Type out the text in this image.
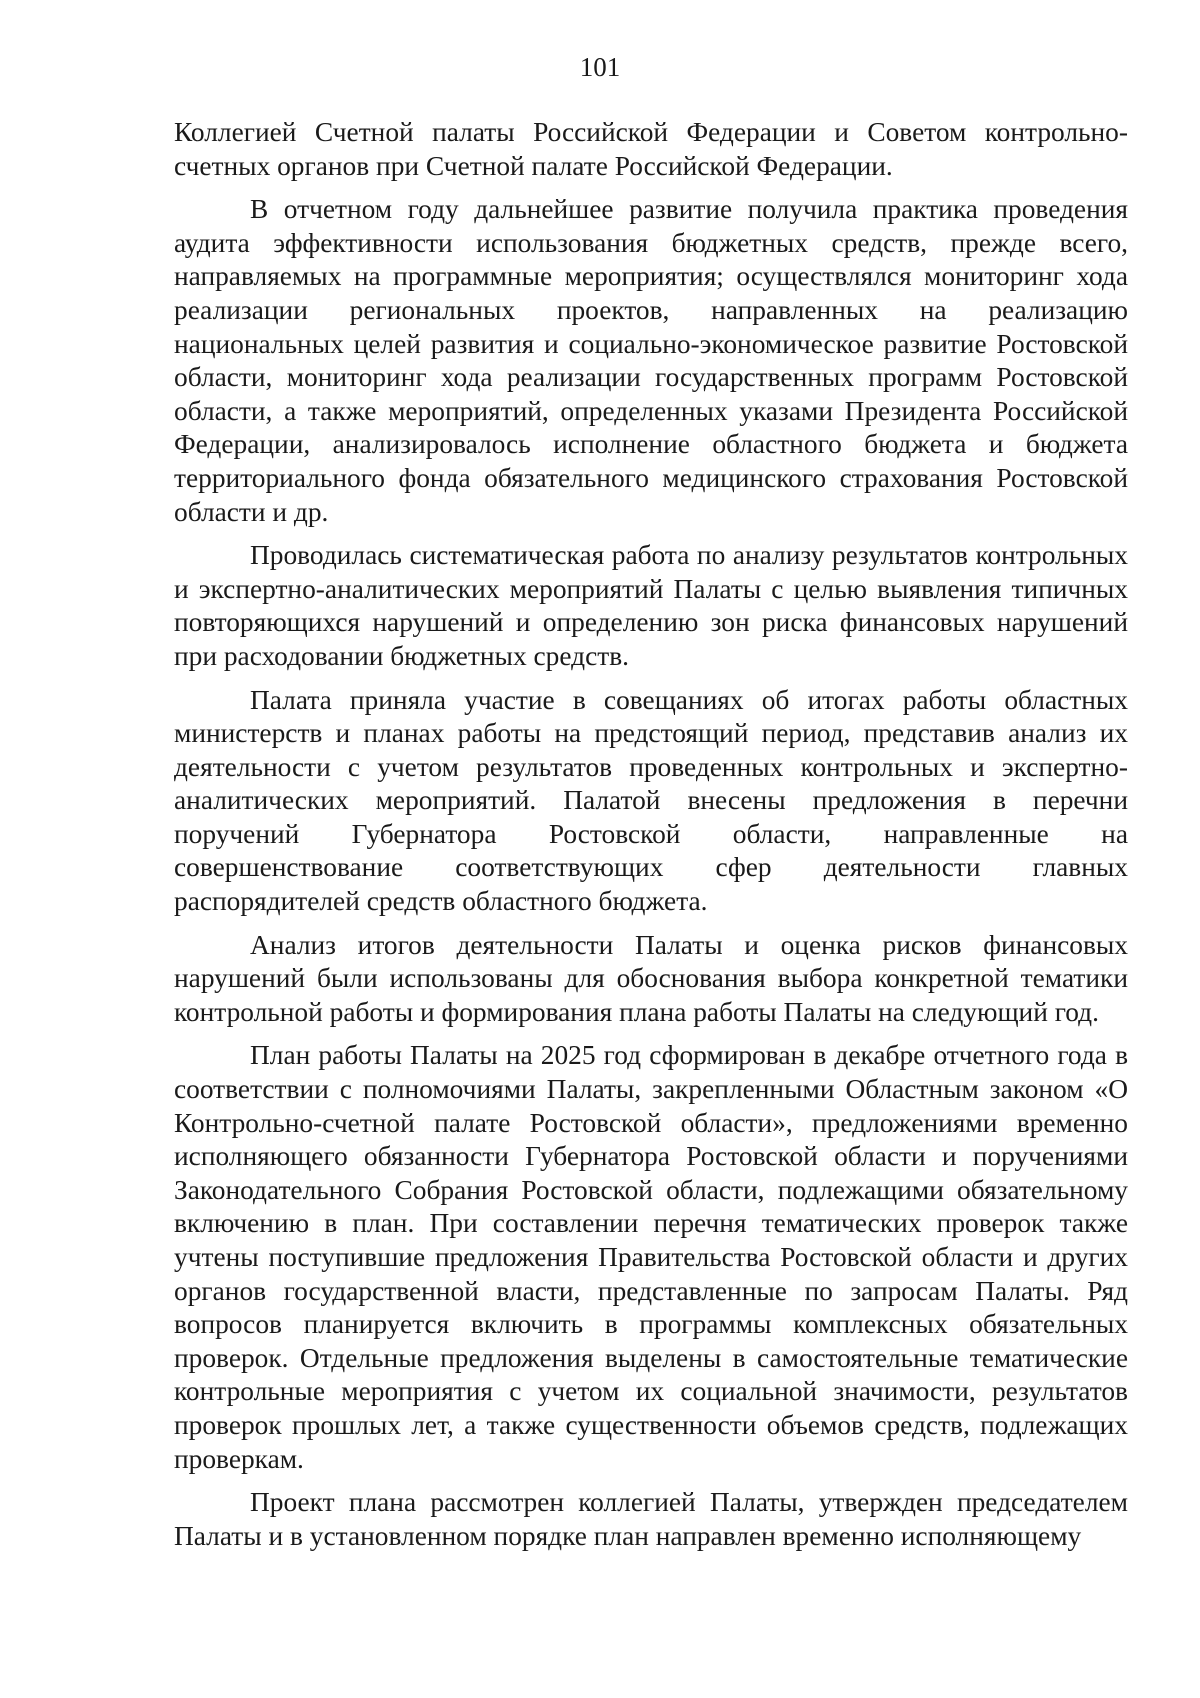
101

Коллегией Счетной палаты Российской Федерации и Советом контрольно-счетных органов при Счетной палате Российской Федерации.

В отчетном году дальнейшее развитие получила практика проведения аудита эффективности использования бюджетных средств, прежде всего, направляемых на программные мероприятия; осуществлялся мониторинг хода реализации региональных проектов, направленных на реализацию национальных целей развития и социально-экономическое развитие Ростовской области, мониторинг хода реализации государственных программ Ростовской области, а также мероприятий, определенных указами Президента Российской Федерации, анализировалось исполнение областного бюджета и бюджета территориального фонда обязательного медицинского страхования Ростовской области и др.

Проводилась систематическая работа по анализу результатов контрольных и экспертно-аналитических мероприятий Палаты с целью выявления типичных повторяющихся нарушений и определению зон риска финансовых нарушений при расходовании бюджетных средств.

Палата приняла участие в совещаниях об итогах работы областных министерств и планах работы на предстоящий период, представив анализ их деятельности с учетом результатов проведенных контрольных и экспертно-аналитических мероприятий. Палатой внесены предложения в перечни поручений Губернатора Ростовской области, направленные на совершенствование соответствующих сфер деятельности главных распорядителей средств областного бюджета.

Анализ итогов деятельности Палаты и оценка рисков финансовых нарушений были использованы для обоснования выбора конкретной тематики контрольной работы и формирования плана работы Палаты на следующий год.

План работы Палаты на 2025 год сформирован в декабре отчетного года в соответствии с полномочиями Палаты, закрепленными Областным законом «О Контрольно-счетной палате Ростовской области», предложениями временно исполняющего обязанности Губернатора Ростовской области и поручениями Законодательного Собрания Ростовской области, подлежащими обязательному включению в план. При составлении перечня тематических проверок также учтены поступившие предложения Правительства Ростовской области и других органов государственной власти, представленные по запросам Палаты. Ряд вопросов планируется включить в программы комплексных обязательных проверок. Отдельные предложения выделены в самостоятельные тематические контрольные мероприятия с учетом их социальной значимости, результатов проверок прошлых лет, а также существенности объемов средств, подлежащих проверкам.

Проект плана рассмотрен коллегией Палаты, утвержден председателем Палаты и в установленном порядке план направлен временно исполняющему
